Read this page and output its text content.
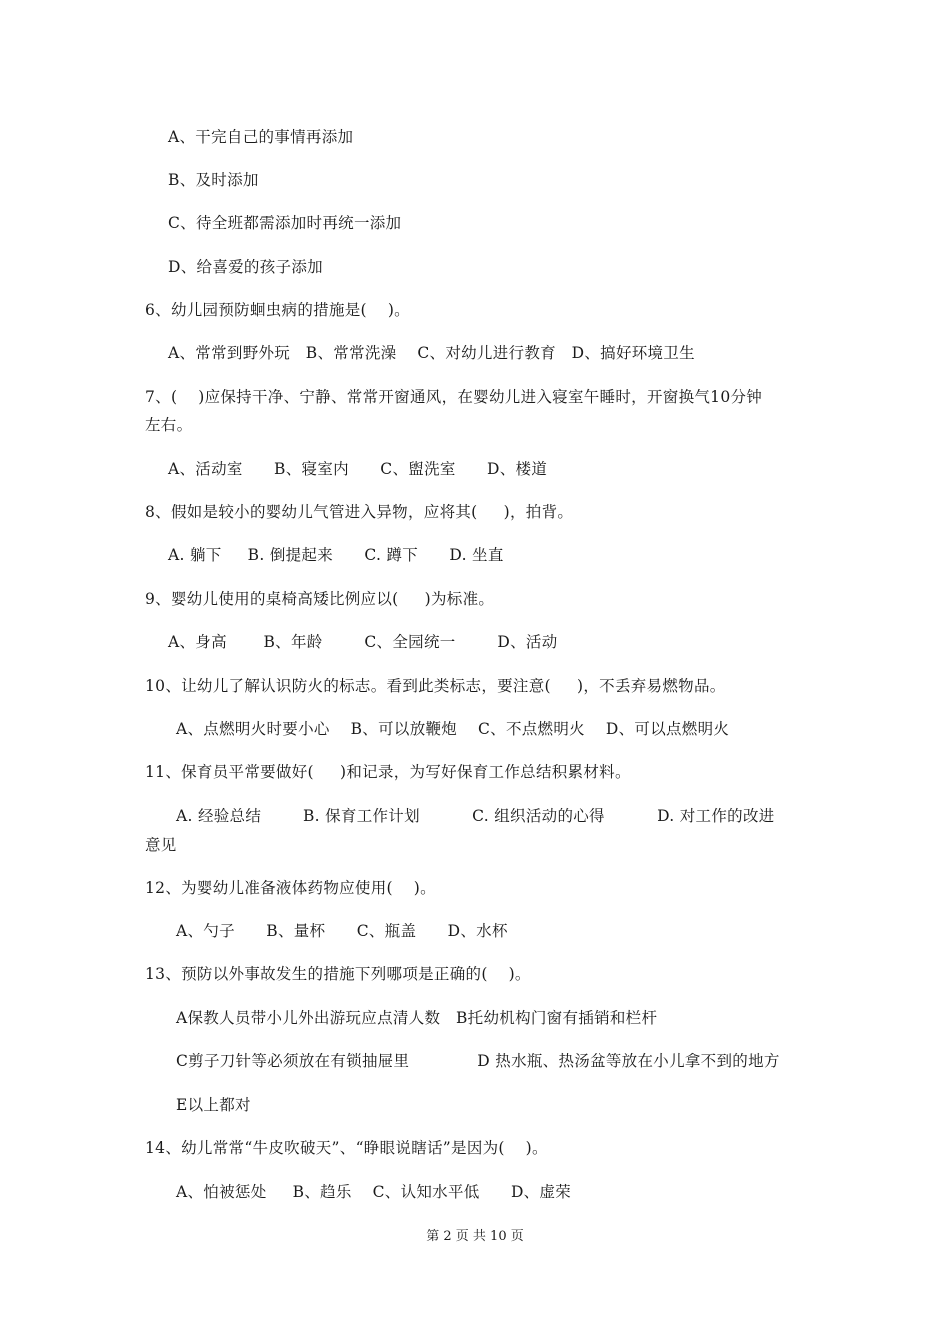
A、干完自己的事情再添加
B、及时添加
C、待全班都需添加时再统一添加
D、给喜爱的孩子添加
6、幼儿园预防蛔虫病的措施是(    )。
A、常常到野外玩   B、常常洗澡    C、对幼儿进行教育   D、搞好环境卫生
7、(    )应保持干净、宁静、常常开窗通风，在婴幼儿进入寝室午睡时，开窗换气10分钟
左右。
A、活动室      B、寝室内      C、盥洗室      D、楼道
8、假如是较小的婴幼儿气管进入异物，应将其(     )，拍背。
A. 躺下     B. 倒提起来      C. 蹲下      D. 坐直
9、婴幼儿使用的桌椅高矮比例应以(     )为标准。
A、身高       B、年龄        C、全园统一        D、活动
10、让幼儿了解认识防火的标志。看到此类标志，要注意(     )，不丢弃易燃物品。
A、点燃明火时要小心    B、可以放鞭炮    C、不点燃明火    D、可以点燃明火
11、保育员平常要做好(     )和记录，为写好保育工作总结积累材料。
A. 经验总结        B. 保育工作计划          C. 组织活动的心得          D. 对工作的改进
意见
12、为婴幼儿准备液体药物应使用(    )。
A、勺子      B、量杯      C、瓶盖      D、水杯
13、预防以外事故发生的措施下列哪项是正确的(    )。
A保教人员带小儿外出游玩应点清人数   B托幼机构门窗有插销和栏杆
C剪子刀针等必须放在有锁抽屉里             D 热水瓶、热汤盆等放在小儿拿不到的地方
E以上都对
14、幼儿常常“牛皮吹破天”、“睁眼说瞎话”是因为(    )。
A、怕被惩处     B、趋乐    C、认知水平低      D、虚荣
第 2 页 共 10 页
